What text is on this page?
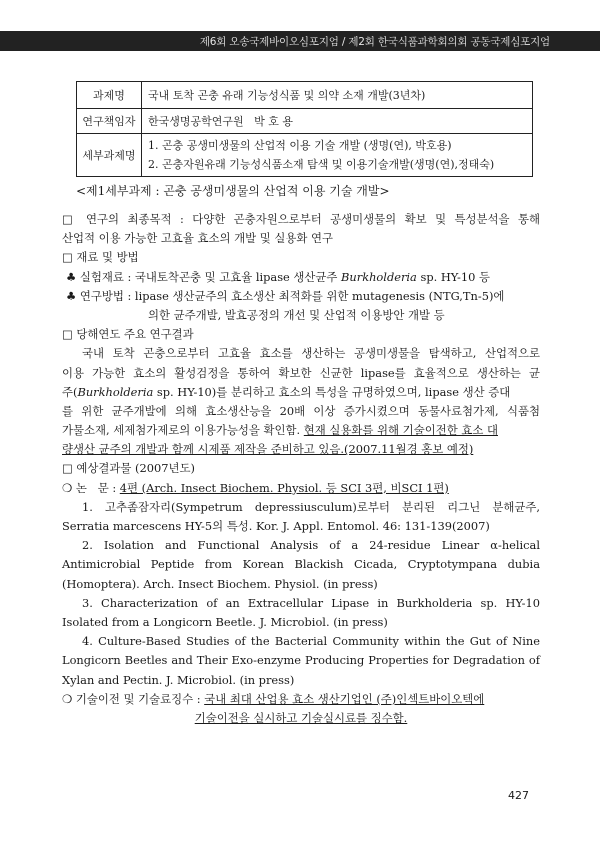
제6회 오송국제바이오심포지엄 / 제2회 한국식품과학회의회 공동국제심포지엄
과제명	국내 토착 곤충 유래 기능성식품 및 의약 소재 개발(3년차)
연구책임자	한국생명공학연구원   박 호 용
세부과제명	1. 곤충 공생미생물의 산업적 이용 기술 개발 (생명(연), 박호용)
2. 곤충자원유래 기능성식품소재 탐색 및 이용기술개발(생명(연),정태숙)
<제1세부과제 : 곤충 공생미생물의 산업적 이용 기술 개발>
□ 연구의 최종목적 : 다양한 곤충자원으로부터 공생미생물의 확보 및 특성분석을 통해
산업적 이용 가능한 고효율 효소의 개발 및 실용화 연구
□ 재료 및 방법
♣ 실험재료 : 국내토착곤충 및 고효율 lipase 생산균주 Burkholderia sp. HY-10 등
♣ 연구방법 : lipase 생산균주의 효소생산 최적화를 위한 mutagenesis (NTG,Tn-5)에
의한 균주개발, 발효공정의 개선 및 산업적 이용방안 개발 등
□ 당해연도 주요 연구결과
국내 토착 곤충으로부터 고효율 효소를 생산하는 공생미생물을 탐색하고, 산업적으로
이용 가능한 효소의 활성검정을 통하여 확보한 신균한 lipase를 효율적으로 생산하는 균
주(Burkholderia sp. HY-10)를 분리하고 효소의 특성을 규명하였으며, lipase 생산 증대
를 위한 균주개발에 의해 효소생산능을 20배 이상 증가시켰으며 동물사료첨가제, 식품첨
가물소재, 세제첨가제로의 이용가능성을 확인함. 현재 실용화를 위해 기술이전한 효소 대
량생산 균주의 개발과 함께 시제품 제작을 준비하고 있음.(2007.11월경 홍보 예정)
□ 예상결과물 (2007년도)
❍ 논   문 : 4편 (Arch. Insect Biochem. Physiol. 등 SCI 3편, 비SCI 1편)
1. 고추좀잠자리(Sympetrum depressiusculum)로부터 분리된 리그닌 분해균주,
Serratia marcescens HY-5의 특성. Kor. J. Appl. Entomol. 46: 131-139(2007)
2. Isolation and Functional Analysis of a 24-residue Linear α-helical
Antimicrobial Peptide from Korean Blackish Cicada, Cryptotympana dubia
(Homoptera). Arch. Insect Biochem. Physiol. (in press)
3. Characterization of an Extracellular Lipase in Burkholderia sp. HY-10
Isolated from a Longicorn Beetle. J. Microbiol. (in press)
4. Culture-Based Studies of the Bacterial Community within the Gut of Nine
Longicorn Beetles and Their Exo-enzyme Producing Properties for Degradation of
Xylan and Pectin. J. Microbiol. (in press)
❍ 기술이전 및 기술료징수 : 국내 최대 산업용 효소 생산기업인 (주)인섹트바이오텍에
기술이전을 실시하고 기술실시료를 징수함.
427
